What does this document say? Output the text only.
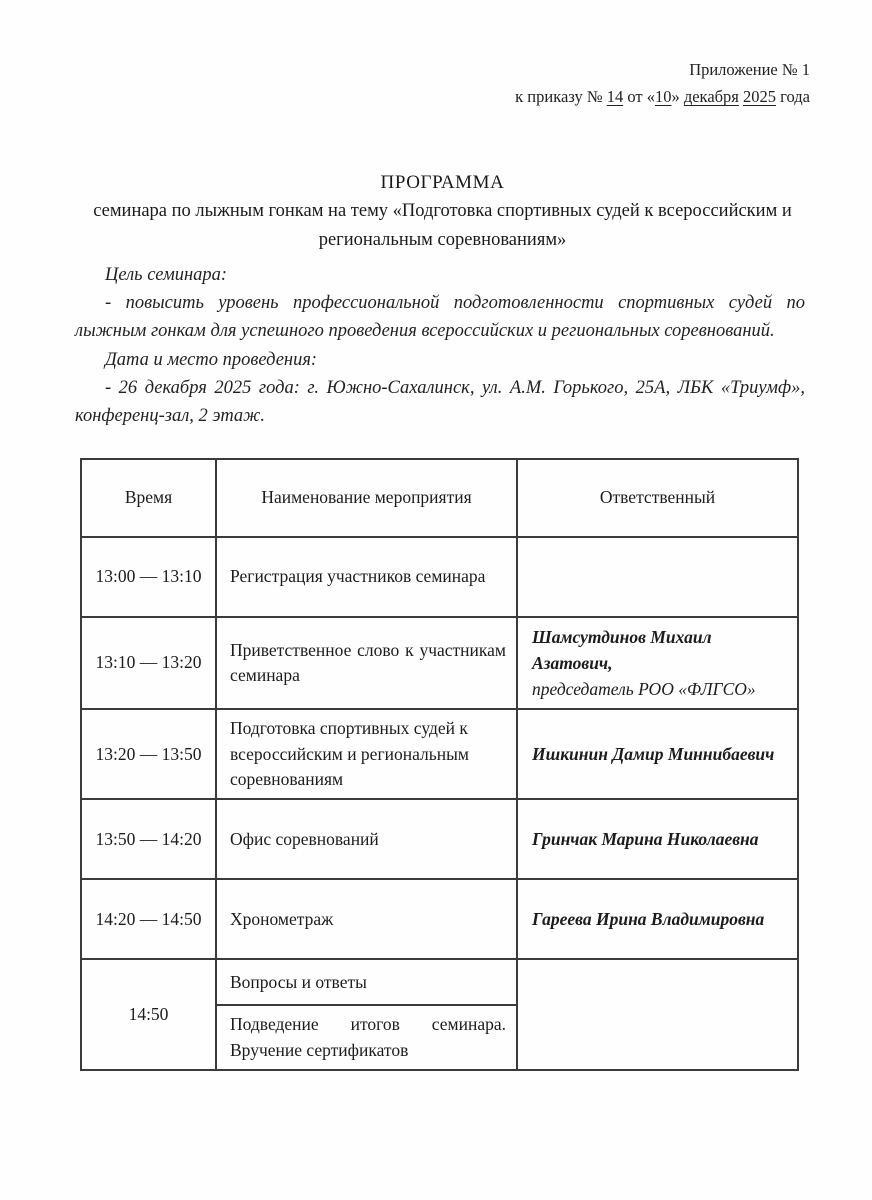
Приложение № 1
к приказу № 14 от «10» декабря 2025 года
ПРОГРАММА
семинара по лыжным гонкам на тему «Подготовка спортивных судей к всероссийским и региональным соревнованиям»

Цель семинара:

- повысить уровень профессиональной подготовленности спортивных судей по лыжным гонкам для успешного проведения всероссийских и региональных соревнований.

Дата и место проведения:

- 26 декабря 2025 года: г. Южно-Сахалинск, ул. А.М. Горького, 25А, ЛБК «Триумф», конференц-зал, 2 этаж.

Время	Наименование мероприятия	Ответственный
13:00 — 13:10	Регистрация участников семинара	
13:10 — 13:20	Приветственное слово к участникам семинара	Шамсутдинов Михаил Азатович,
председатель РОО «ФЛГСО»

13:20 — 13:50	Подготовка спортивных судей к всероссийским и региональным соревнованиям	Ишкинин Дамир Миннибаевич

13:50 — 14:20	Офис соревнований	Гринчак Марина Николаевна

14:20 — 14:50	Хронометраж	Гареева Ирина Владимировна

14:50	Вопросы и ответы	

	Подведение итогов семинара.
Вручение сертификатов	
